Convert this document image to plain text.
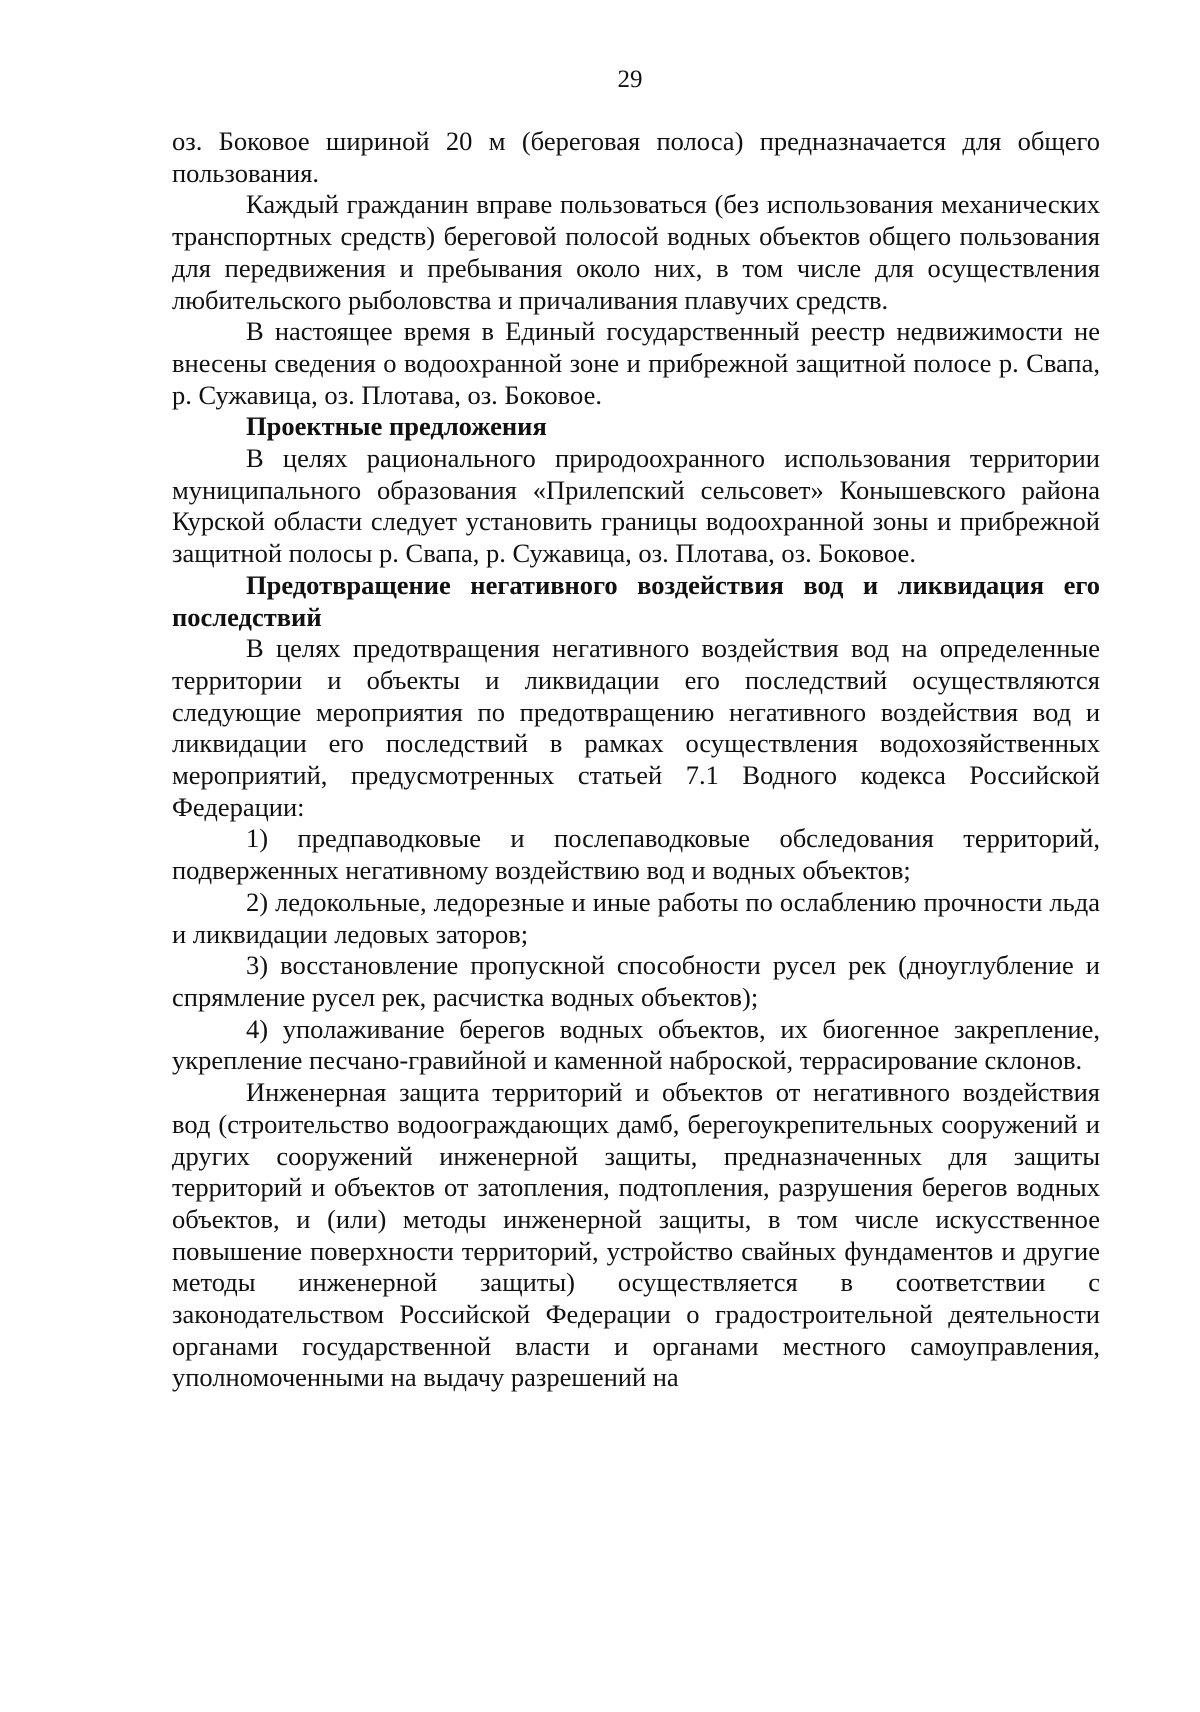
29

оз. Боковое шириной 20 м (береговая полоса) предназначается для общего пользования.

Каждый гражданин вправе пользоваться (без использования механических транспортных средств) береговой полосой водных объектов общего пользования для передвижения и пребывания около них, в том числе для осуществления любительского рыболовства и причаливания плавучих средств.

В настоящее время в Единый государственный реестр недвижимости не внесены сведения о водоохранной зоне и прибрежной защитной полосе р. Свапа, р. Сужавица, оз. Плотава, оз. Боковое.

Проектные предложения

В целях рационального природоохранного использования территории муниципального образования «Прилепский сельсовет» Конышевского района Курской области следует установить границы водоохранной зоны и прибрежной защитной полосы р. Свапа, р. Сужавица, оз. Плотава, оз. Боковое.

Предотвращение негативного воздействия вод и ликвидация его последствий

В целях предотвращения негативного воздействия вод на определенные территории и объекты и ликвидации его последствий осуществляются следующие мероприятия по предотвращению негативного воздействия вод и ликвидации его последствий в рамках осуществления водохозяйственных мероприятий, предусмотренных статьей 7.1 Водного кодекса Российской Федерации:

1) предпаводковые и послепаводковые обследования территорий, подверженных негативному воздействию вод и водных объектов;

2) ледокольные, ледорезные и иные работы по ослаблению прочности льда и ликвидации ледовых заторов;

3) восстановление пропускной способности русел рек (дноуглубление и спрямление русел рек, расчистка водных объектов);

4) уполаживание берегов водных объектов, их биогенное закрепление, укрепление песчано-гравийной и каменной наброской, террасирование склонов.

Инженерная защита территорий и объектов от негативного воздействия вод (строительство водоограждающих дамб, берегоукрепительных сооружений и других сооружений инженерной защиты, предназначенных для защиты территорий и объектов от затопления, подтопления, разрушения берегов водных объектов, и (или) методы инженерной защиты, в том числе искусственное повышение поверхности территорий, устройство свайных фундаментов и другие методы инженерной защиты) осуществляется в соответствии с законодательством Российской Федерации о градостроительной деятельности органами государственной власти и органами местного самоуправления, уполномоченными на выдачу разрешений на
